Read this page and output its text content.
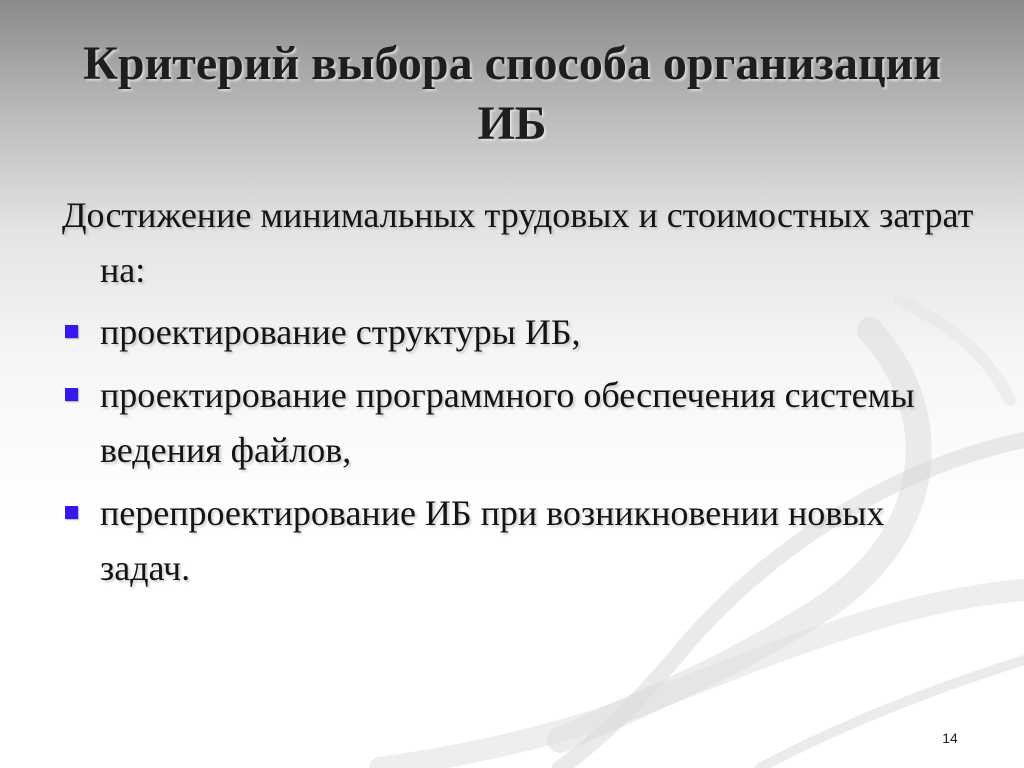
Критерий выбора способа организации ИБ

Достижение минимальных трудовых и стоимостных затрат на:

проектирование структуры ИБ,
проектирование программного обеспечения системы ведения файлов,
перепроектирование ИБ при возникновении новых задач.
14
